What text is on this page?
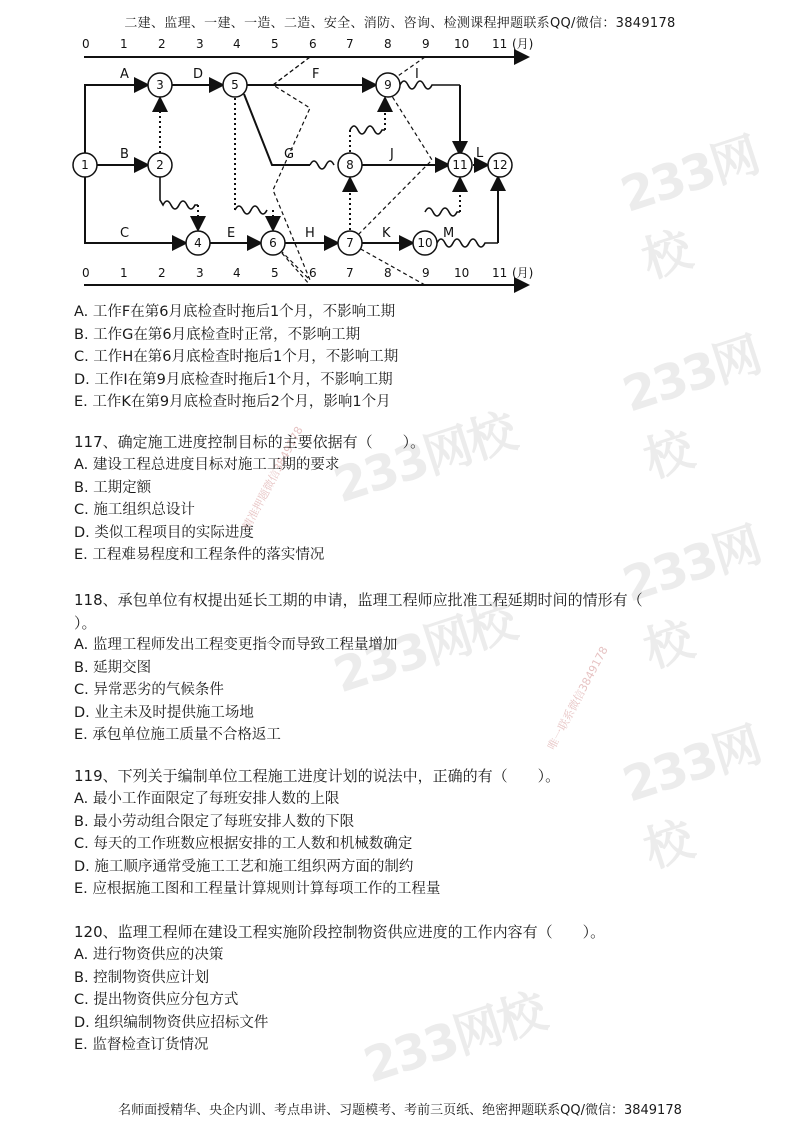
二建、监理、一建、一造、二造、安全、消防、咨询、检测课程押题联系QQ/微信：3849178
233网校
233网校
233网校
233网校
233网校
233网校
233网校
精准押题微信3849178
唯一联系微信3849178
0	1	2	3 4	5	6 7	8	9 10 11 (月)
0	1	2	3 4	5	6 7	8	9 10 11 (月)
1	2
3
4
5
6	7
8
9
10
11 12
A
B
C
D
E
F
G
H
I
J
K
L
M
A. 工作F在第6月底检查时拖后1个月，不影响工期
B. 工作G在第6月底检查时正常，不影响工期
C. 工作H在第6月底检查时拖后1个月，不影响工期
D. 工作I在第9月底检查时拖后1个月，不影响工期
E. 工作K在第9月底检查时拖后2个月，影响1个月
117、确定施工进度控制目标的主要依据有（　　）。
A. 建设工程总进度目标对施工工期的要求
B. 工期定额
C. 施工组织总设计
D. 类似工程项目的实际进度
E. 工程难易程度和工程条件的落实情况
118、承包单位有权提出延长工期的申请，监理工程师应批准工程延期时间的情形有（
）。
A. 监理工程师发出工程变更指令而导致工程量增加
B. 延期交图
C. 异常恶劣的气候条件
D. 业主未及时提供施工场地
E. 承包单位施工质量不合格返工
119、下列关于编制单位工程施工进度计划的说法中，正确的有（　　）。
A. 最小工作面限定了每班安排人数的上限
B. 最小劳动组合限定了每班安排人数的下限
C. 每天的工作班数应根据安排的工人数和机械数确定
D. 施工顺序通常受施工工艺和施工组织两方面的制约
E. 应根据施工图和工程量计算规则计算每项工作的工程量
120、监理工程师在建设工程实施阶段控制物资供应进度的工作内容有（　　）。
A. 进行物资供应的决策
B. 控制物资供应计划
C. 提出物资供应分包方式
D. 组织编制物资供应招标文件
E. 监督检查订货情况
名师面授精华、央企内训、考点串讲、习题模考、考前三页纸、绝密押题联系QQ/微信：3849178
